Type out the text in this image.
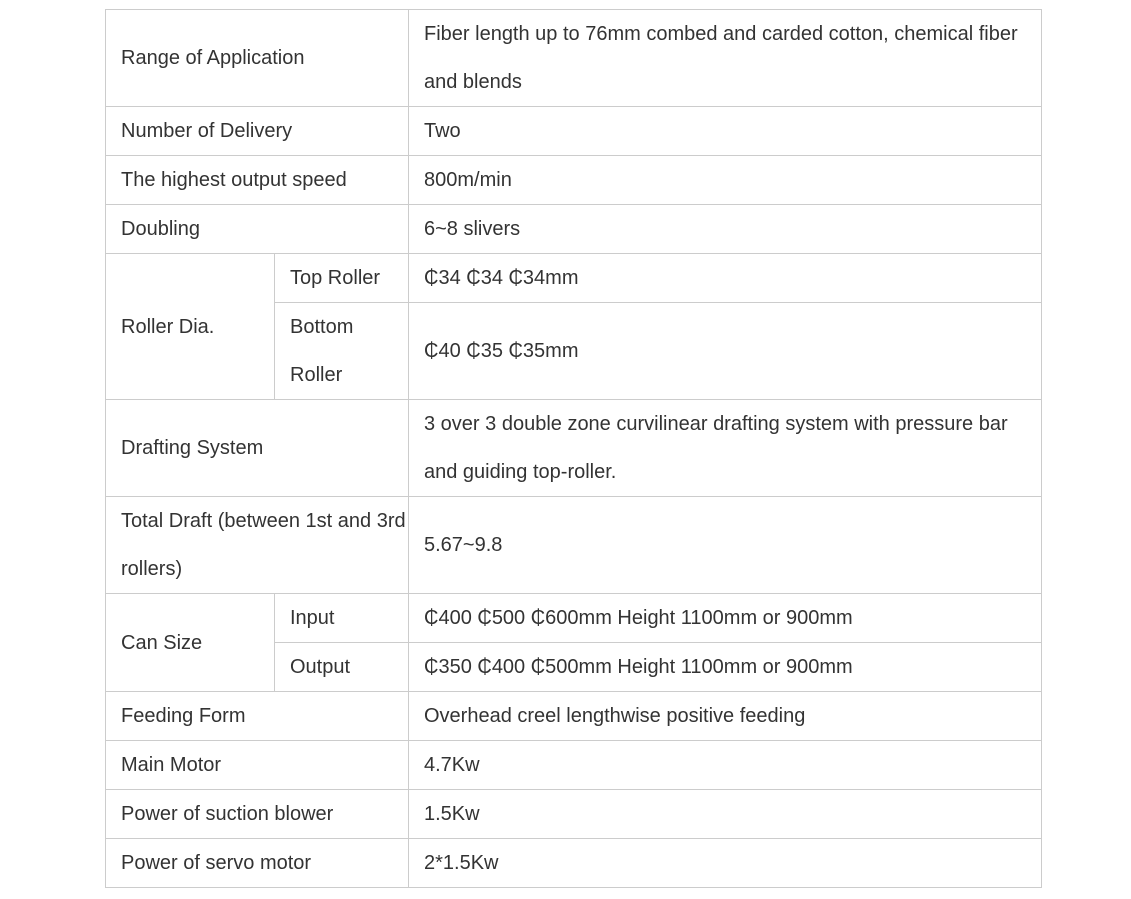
Range of Application		Fiber length up to 76mm combed and carded cotton, chemical fiber and blends
Number of Delivery		Two
The highest output speed		800m/min
Doubling		6~8 slivers
Roller Dia.	Top Roller	₵34 ₵34 ₵34mm
	Bottom Roller	₵40 ₵35 ₵35mm
Drafting System		3 over 3 double zone curvilinear drafting system with pressure bar and guiding top-roller.
Total Draft (between 1st and 3rd rollers)		5.67~9.8
Can Size	Input	₵400 ₵500 ₵600mm Height 1100mm or 900mm
	Output	₵350 ₵400 ₵500mm Height 1100mm or 900mm
Feeding Form		Overhead creel lengthwise positive feeding
Main Motor		4.7Kw
Power of suction blower		1.5Kw
Power of servo motor		2*1.5Kw
